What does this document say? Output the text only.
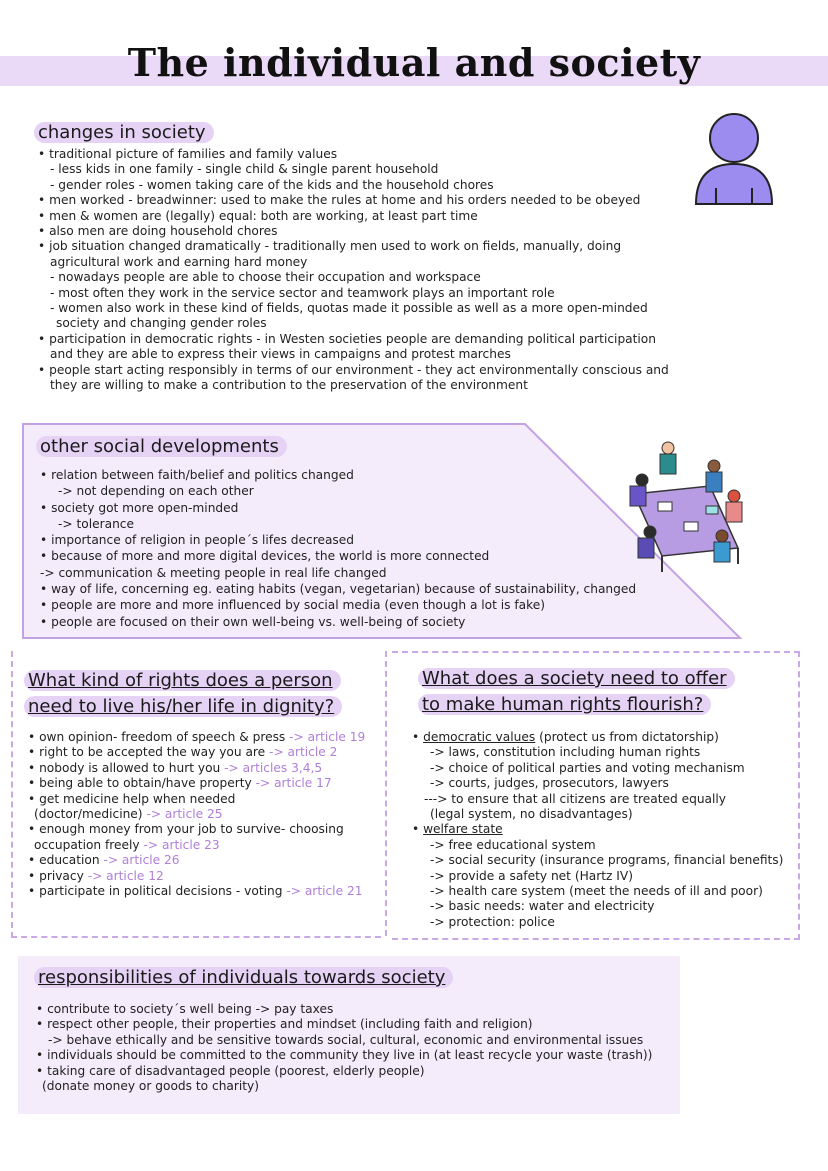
The individual and society
changes in society
• traditional picture of families and family values
- less kids in one family - single child & single parent household
- gender roles - women taking care of the kids and the household chores
• men worked - breadwinner: used to make the rules at home and his orders needed to be obeyed
• men & women are (legally) equal: both are working, at least part time
• also men are doing household chores
• job situation changed dramatically - traditionally men used to work on fields, manually, doing
agricultural work and earning hard money
- nowadays people are able to choose their occupation and workspace
- most often they work in the service sector and teamwork plays an important role
- women also work in these kind of fields, quotas made it possible as well as a more open-minded
society and changing gender roles
• participation in democratic rights - in Westen societies people are demanding political participation
and they are able to express their views in campaigns and protest marches
• people start acting responsibly in terms of our environment - they act environmentally conscious and
they are willing to make a contribution to the preservation of the environment
other social developments
• relation between faith/belief and politics changed
-> not depending on each other
• society got more open-minded
-> tolerance
• importance of religion in people´s lifes decreased
• because of more and more digital devices, the world is more connected
-> communication & meeting people in real life changed
• way of life, concerning eg. eating habits (vegan, vegetarian) because of sustainability, changed
• people are more and more influenced by social media (even though a lot is fake)
• people are focused on their own well-being vs. well-being of society
What kind of rights does a person
need to live his/her life in dignity?
• own opinion- freedom of speech & press -> article 19
• right to be accepted the way you are -> article 2
• nobody is allowed to hurt you -> articles 3,4,5
• being able to obtain/have property -> article 17
• get medicine help when needed
(doctor/medicine) -> article 25
• enough money from your job to survive- choosing
occupation freely -> article 23
• education -> article 26
• privacy -> article 12
• participate in political decisions - voting -> article 21
What does a society need to offer
to make human rights flourish?
• democratic values (protect us from dictatorship)
-> laws, constitution including human rights
-> choice of political parties and voting mechanism
-> courts, judges, prosecutors, lawyers
---> to ensure that all citizens are treated equally
(legal system, no disadvantages)
• welfare state
-> free educational system
-> social security (insurance programs, financial benefits)
-> provide a safety net (Hartz IV)
-> health care system (meet the needs of ill and poor)
-> basic needs: water and electricity
-> protection: police
responsibilities of individuals towards society
• contribute to society´s well being -> pay taxes
• respect other people, their properties and mindset (including faith and religion)
-> behave ethically and be sensitive towards social, cultural, economic and environmental issues
• individuals should be committed to the community they live in (at least recycle your waste (trash))
• taking care of disadvantaged people (poorest, elderly people)
(donate money or goods to charity)
